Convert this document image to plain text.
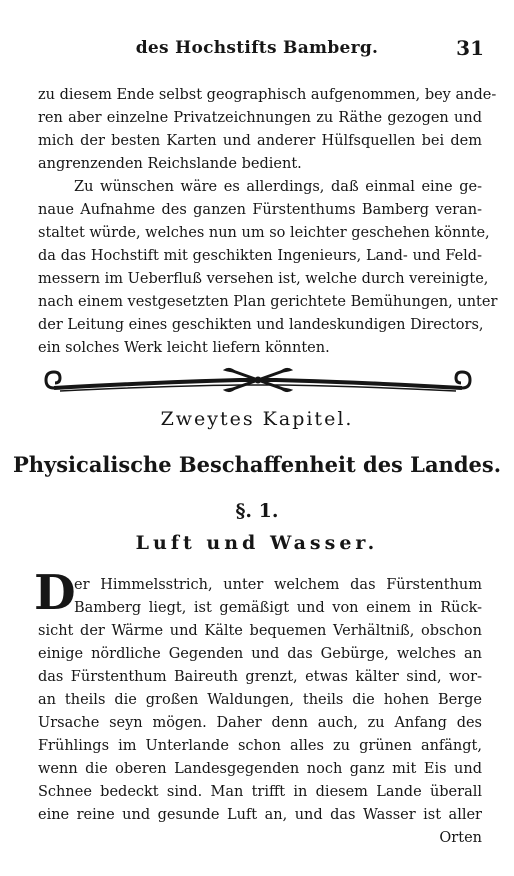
des Hochstifts Bamberg.	31
zu diesem Ende selbst geographisch aufgenommen, bey ande-
ren aber einzelne Privatzeichnungen zu Räthe gezogen und
mich der besten Karten und anderer Hülfsquellen bei dem
angrenzenden Reichslande bedient.
Zu wünschen wäre es allerdings, daß einmal eine ge-
naue Aufnahme des ganzen Fürstenthums Bamberg veran-
staltet würde, welches nun um so leichter geschehen könnte,
da das Hochstift mit geschikten Ingenieurs, Land- und Feld-
messern im Ueberfluß versehen ist, welche durch vereinigte,
nach einem vestgesetzten Plan gerichtete Bemühungen, unter
der Leitung eines geschikten und landeskundigen Directors,
ein solches Werk leicht liefern könnten.
Zweytes Kapitel.
Physicalische Beschaffenheit des Landes.
§. 1.
Luft und Wasser.
D
er Himmelsstrich, unter welchem das Fürstenthum
Bamberg liegt, ist gemäßigt und von einem in Rück-
sicht der Wärme und Kälte bequemen Verhältniß, obschon
einige nördliche Gegenden und das Gebürge, welches an
das Fürstenthum Baireuth grenzt, etwas kälter sind, wor-
an theils die großen Waldungen, theils die hohen Berge
Ursache seyn mögen. Daher denn auch, zu Anfang des
Frühlings im Unterlande schon alles zu grünen anfängt,
wenn die oberen Landesgegenden noch ganz mit Eis und
Schnee bedeckt sind. Man trifft in diesem Lande überall
eine reine und gesunde Luft an, und das Wasser ist aller
Orten
